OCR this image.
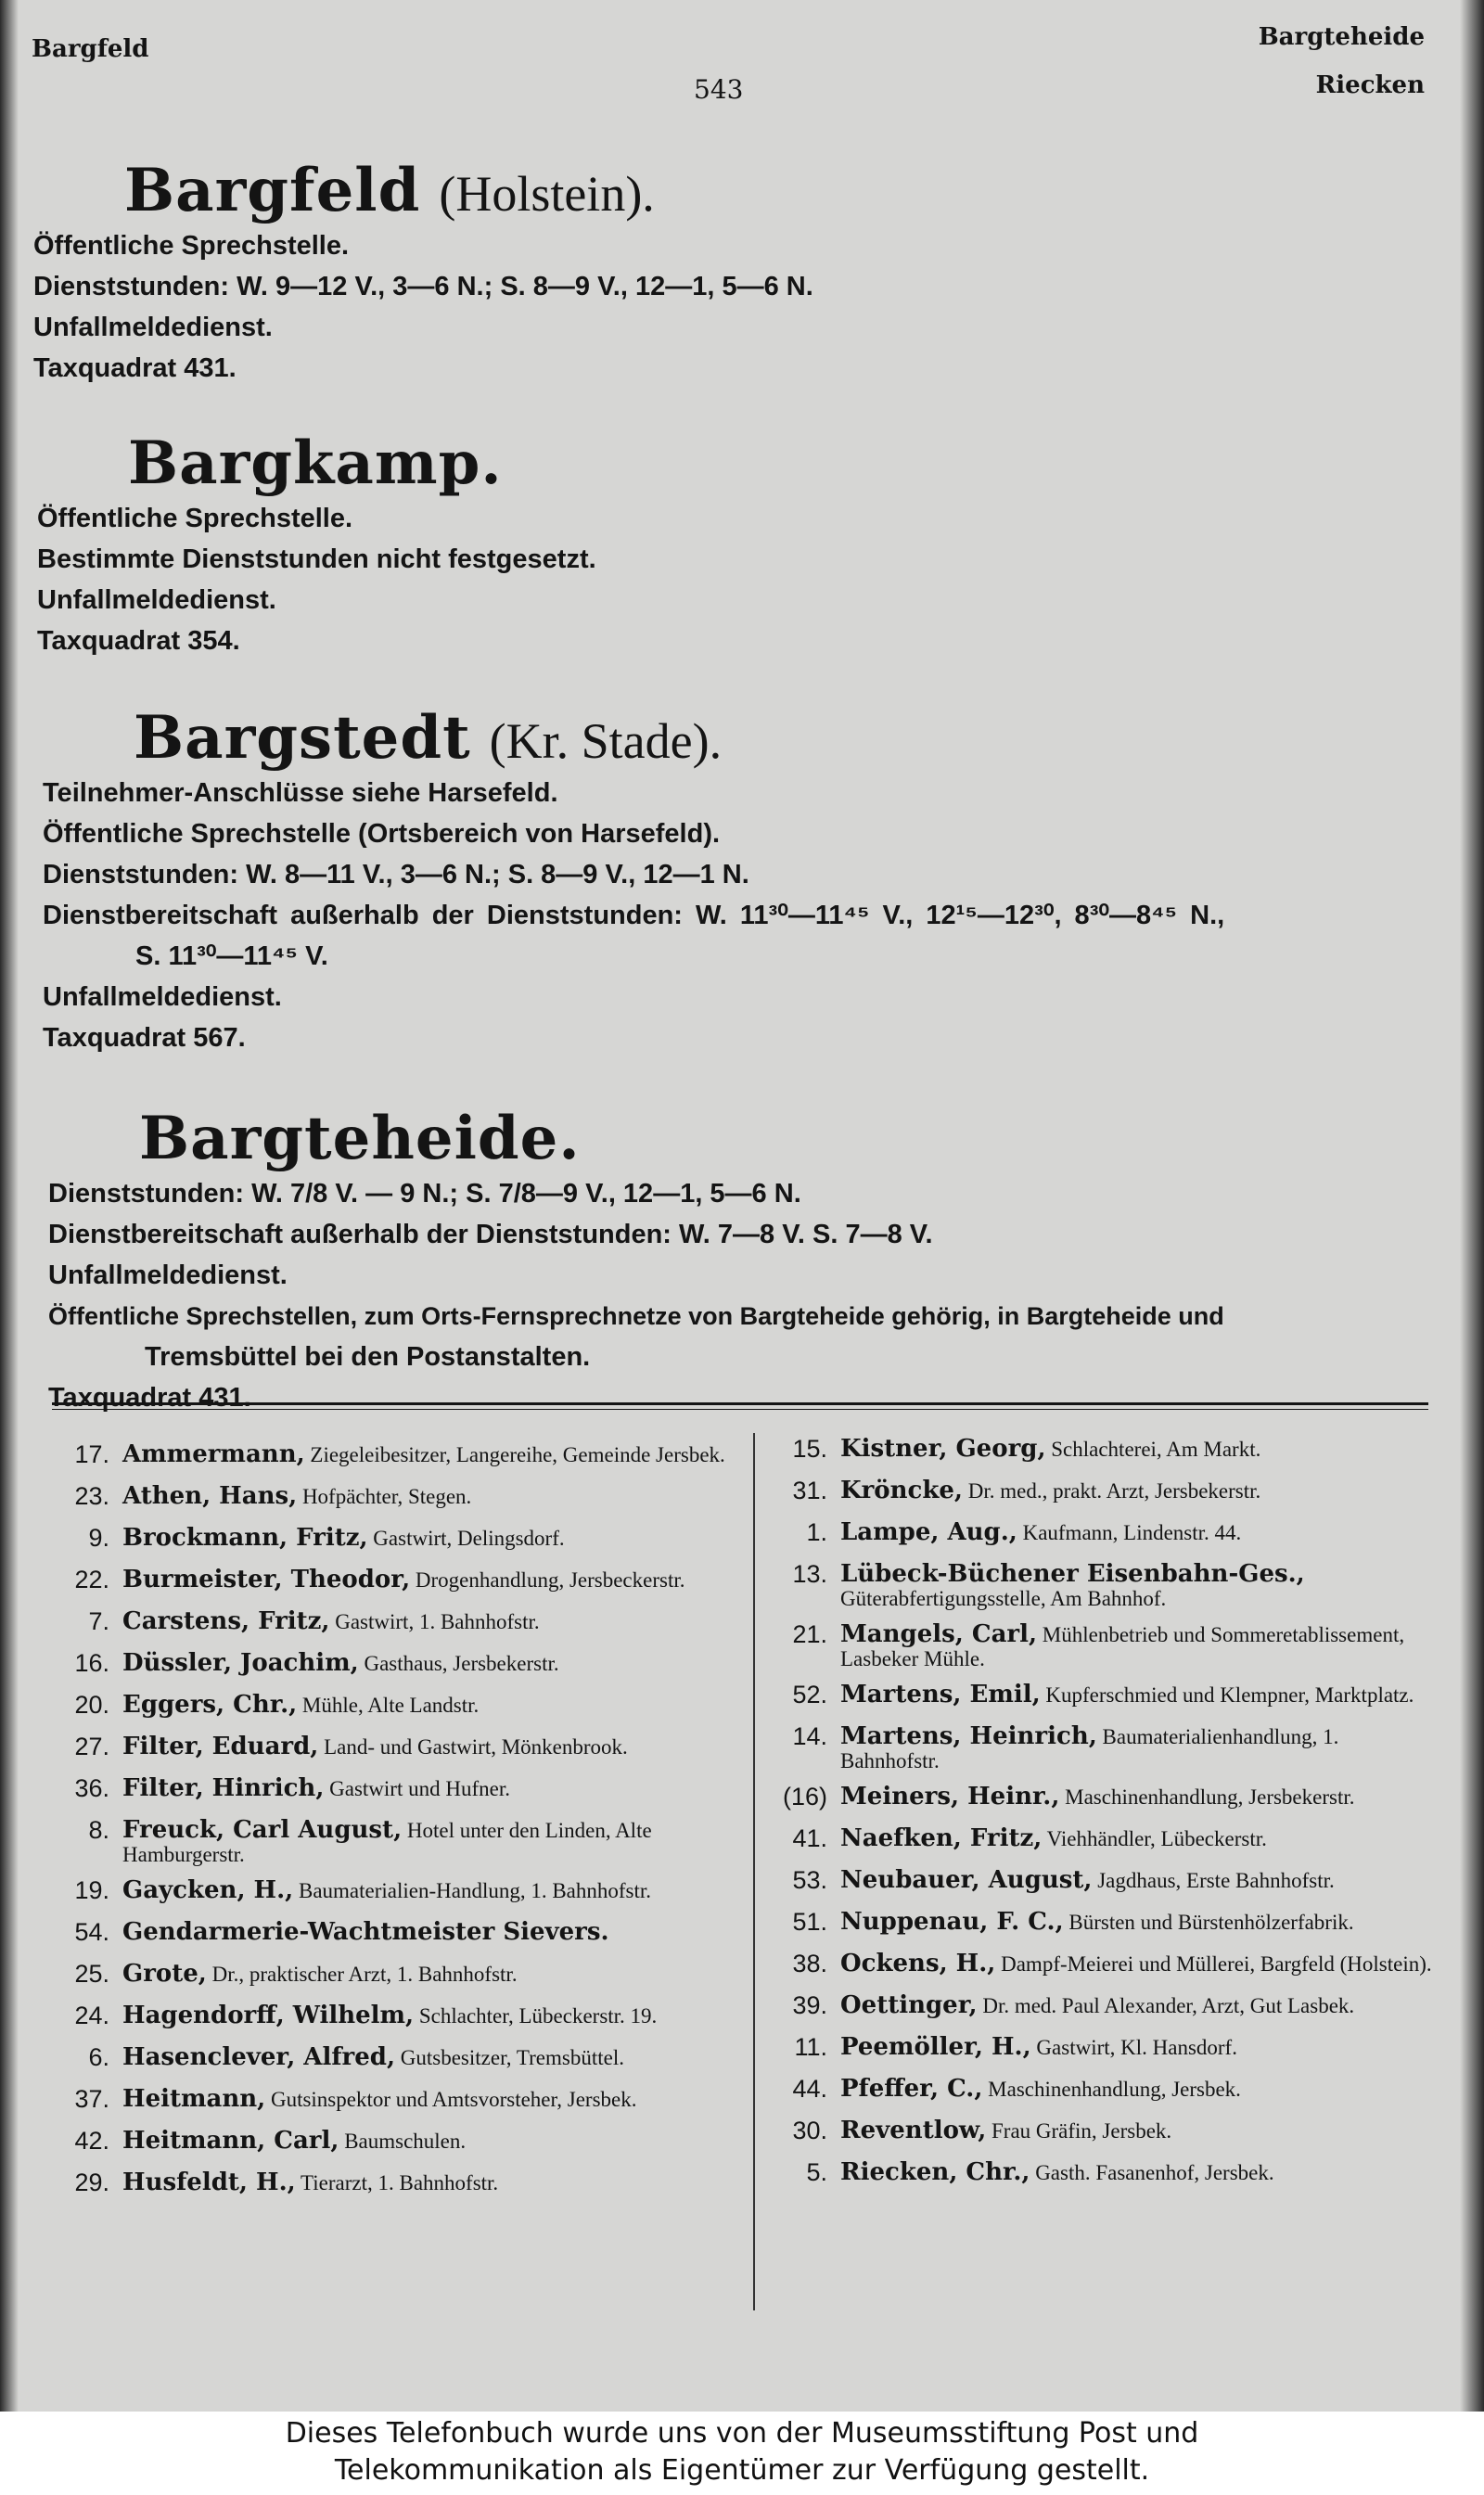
Bargfeld
543
Bargteheide
Riecken
Bargfeld (Holstein).
Öffentliche Sprechstelle.
Dienststunden: W. 9—12 V., 3—6 N.; S. 8—9 V., 12—1, 5—6 N.
Unfallmeldedienst.
Taxquadrat 431.
Bargkamp.
Öffentliche Sprechstelle.
Bestimmte Dienststunden nicht festgesetzt.
Unfallmeldedienst.
Taxquadrat 354.
Bargstedt (Kr. Stade).
Teilnehmer-Anschlüsse siehe Harsefeld.
Öffentliche Sprechstelle (Ortsbereich von Harsefeld).
Dienststunden: W. 8—11 V., 3—6 N.; S. 8—9 V., 12—1 N.
Dienstbereitschaft außerhalb der Dienststunden: W. 11³⁰—11⁴⁵ V., 12¹⁵—12³⁰, 8³⁰—8⁴⁵ N.,
S. 11³⁰—11⁴⁵ V.
Unfallmeldedienst.
Taxquadrat 567.
Bargteheide.
Dienststunden: W. 7/8 V. — 9 N.; S. 7/8—9 V., 12—1, 5—6 N.
Dienstbereitschaft außerhalb der Dienststunden: W. 7—8 V. S. 7—8 V.
Unfallmeldedienst.
Öffentliche Sprechstellen, zum Orts-Fernsprechnetze von Bargteheide gehörig, in Bargteheide und
Tremsbüttel bei den Postanstalten.
Taxquadrat 431.
17. Ammermann, Ziegeleibesitzer, Langereihe, Gemeinde Jersbek.
23. Athen, Hans, Hofpächter, Stegen.
9. Brockmann, Fritz, Gastwirt, Delingsdorf.
22. Burmeister, Theodor, Drogenhandlung, Jersbeckerstr.
7. Carstens, Fritz, Gastwirt, 1. Bahnhofstr.
16. Düssler, Joachim, Gasthaus, Jersbekerstr.
20. Eggers, Chr., Mühle, Alte Landstr.
27. Filter, Eduard, Land- und Gastwirt, Mönkenbrook.
36. Filter, Hinrich, Gastwirt und Hufner.
8. Freuck, Carl August, Hotel unter den Linden, Alte Hamburgerstr.
19. Gaycken, H., Baumaterialien-Handlung, 1. Bahnhofstr.
54. Gendarmerie-Wachtmeister Sievers.
25. Grote, Dr., praktischer Arzt, 1. Bahnhofstr.
24. Hagendorff, Wilhelm, Schlachter, Lübeckerstr. 19.
6. Hasenclever, Alfred, Gutsbesitzer, Tremsbüttel.
37. Heitmann, Gutsinspektor und Amtsvorsteher, Jersbek.
42. Heitmann, Carl, Baumschulen.
29. Husfeldt, H., Tierarzt, 1. Bahnhofstr.
15. Kistner, Georg, Schlachterei, Am Markt.
31. Kröncke, Dr. med., prakt. Arzt, Jersbekerstr.
1. Lampe, Aug., Kaufmann, Lindenstr. 44.
13. Lübeck-Büchener Eisenbahn-Ges., Güterabfertigungsstelle, Am Bahnhof.
21. Mangels, Carl, Mühlenbetrieb und Sommeretablissement, Lasbeker Mühle.
52. Martens, Emil, Kupferschmied und Klempner, Marktplatz.
14. Martens, Heinrich, Baumaterialienhandlung, 1. Bahnhofstr.
(16) Meiners, Heinr., Maschinenhandlung, Jersbekerstr.
41. Naefken, Fritz, Viehhändler, Lübeckerstr.
53. Neubauer, August, Jagdhaus, Erste Bahnhofstr.
51. Nuppenau, F. C., Bürsten und Bürstenhölzerfabrik.
38. Ockens, H., Dampf-Meierei und Müllerei, Bargfeld (Holstein).
39. Oettinger, Dr. med. Paul Alexander, Arzt, Gut Lasbek.
11. Peemöller, H., Gastwirt, Kl. Hansdorf.
44. Pfeffer, C., Maschinenhandlung, Jersbek.
30. Reventlow, Frau Gräfin, Jersbek.
5. Riecken, Chr., Gasth. Fasanenhof, Jersbek.
Dieses Telefonbuch wurde uns von der Museumsstiftung Post und
Telekommunikation als Eigentümer zur Verfügung gestellt.
